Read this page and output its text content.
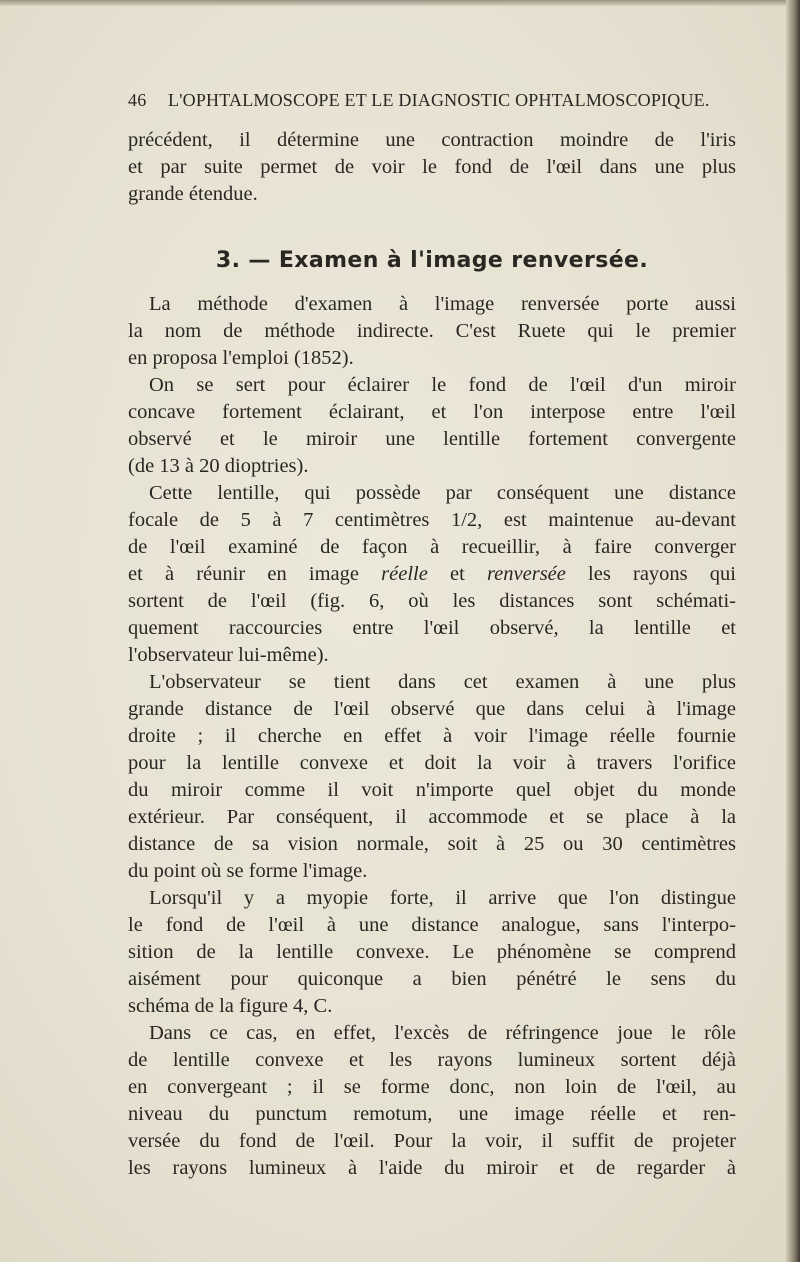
46 L'OPHTALMOSCOPE ET LE DIAGNOSTIC OPHTALMOSCOPIQUE.
précédent, il détermine une contraction moindre de l'iris
et par suite permet de voir le fond de l'œil dans une plus
grande étendue.
3. — Examen à l'image renversée.
La méthode d'examen à l'image renversée porte aussi
la nom de méthode indirecte. C'est Ruete qui le premier
en proposa l'emploi (1852).
On se sert pour éclairer le fond de l'œil d'un miroir
concave fortement éclairant, et l'on interpose entre l'œil
observé et le miroir une lentille fortement convergente
(de 13 à 20 dioptries).
Cette lentille, qui possède par conséquent une distance
focale de 5 à 7 centimètres 1/2, est maintenue au-devant
de l'œil examiné de façon à recueillir, à faire converger
et à réunir en image réelle et renversée les rayons qui
sortent de l'œil (fig. 6, où les distances sont schémati-
quement raccourcies entre l'œil observé, la lentille et
l'observateur lui-même).
L'observateur se tient dans cet examen à une plus
grande distance de l'œil observé que dans celui à l'image
droite ; il cherche en effet à voir l'image réelle fournie
pour la lentille convexe et doit la voir à travers l'orifice
du miroir comme il voit n'importe quel objet du monde
extérieur. Par conséquent, il accommode et se place à la
distance de sa vision normale, soit à 25 ou 30 centimètres
du point où se forme l'image.
Lorsqu'il y a myopie forte, il arrive que l'on distingue
le fond de l'œil à une distance analogue, sans l'interpo-
sition de la lentille convexe. Le phénomène se comprend
aisément pour quiconque a bien pénétré le sens du
schéma de la figure 4, C.
Dans ce cas, en effet, l'excès de réfringence joue le rôle
de lentille convexe et les rayons lumineux sortent déjà
en convergeant ; il se forme donc, non loin de l'œil, au
niveau du punctum remotum, une image réelle et ren-
versée du fond de l'œil. Pour la voir, il suffit de projeter
les rayons lumineux à l'aide du miroir et de regarder à
